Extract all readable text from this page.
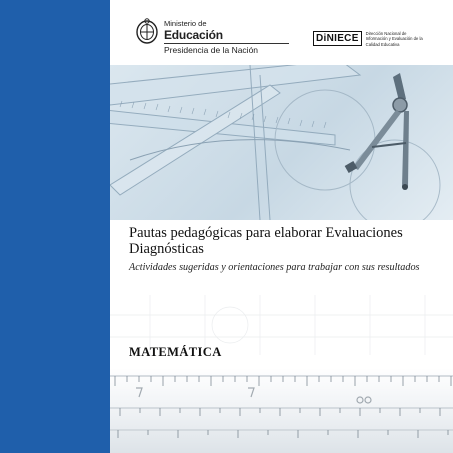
Ministerio de
Educación
Presidencia de la Nación
DiNIECE	Dirección Nacional de Información y Evaluación de la Calidad Educativa
Pautas pedagógicas para elaborar Evaluaciones Diagnósticas
Actividades sugeridas y orientaciones para trabajar con sus resultados
MATEMÁTICA
